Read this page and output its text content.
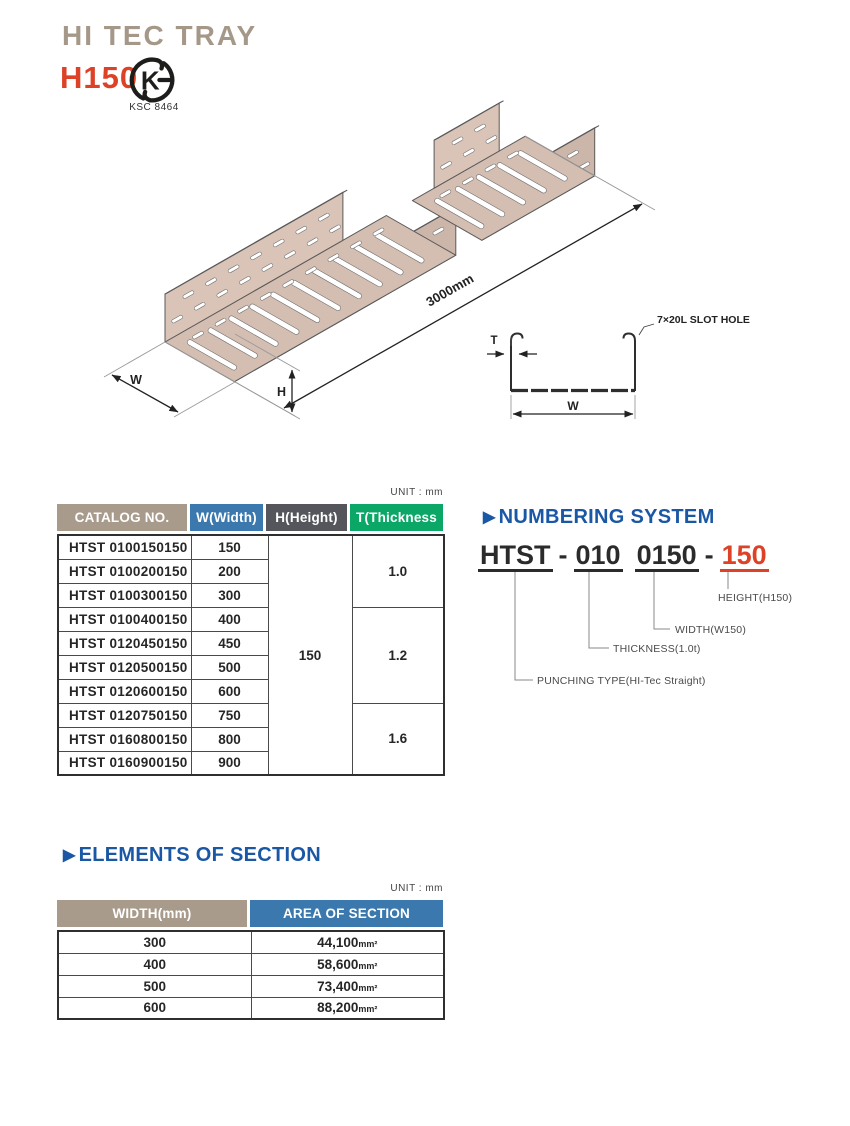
HI TEC TRAY
H150 K
KSC 8464
W
H
3000mm
T
W
7×20L SLOT HOLE
UNIT : mm
CATALOG NO.	W(Width)	H(Height)	T(Thickness
HTST 0100150150	150	150	1.0
HTST 0100200150	200		
HTST 0100300150	300		
HTST 0100400150	400		1.2
HTST 0120450150	450		
HTST 0120500150	500		
HTST 0120600150	600		
HTST 0120750150	750		1.6
HTST 0160800150	800		
HTST 0160900150	900		
▶ NUMBERING SYSTEM
HTST - 010 0150 - 150
HEIGHT(H150)
WIDTH(W150)
THICKNESS(1.0t)
PUNCHING TYPE(HI-Tec Straight)
▶ ELEMENTS OF SECTION
UNIT : mm
WIDTH(mm)	AREA OF SECTION
300	44,100mm²
400	58,600mm²
500	73,400mm²
600	88,200mm²
